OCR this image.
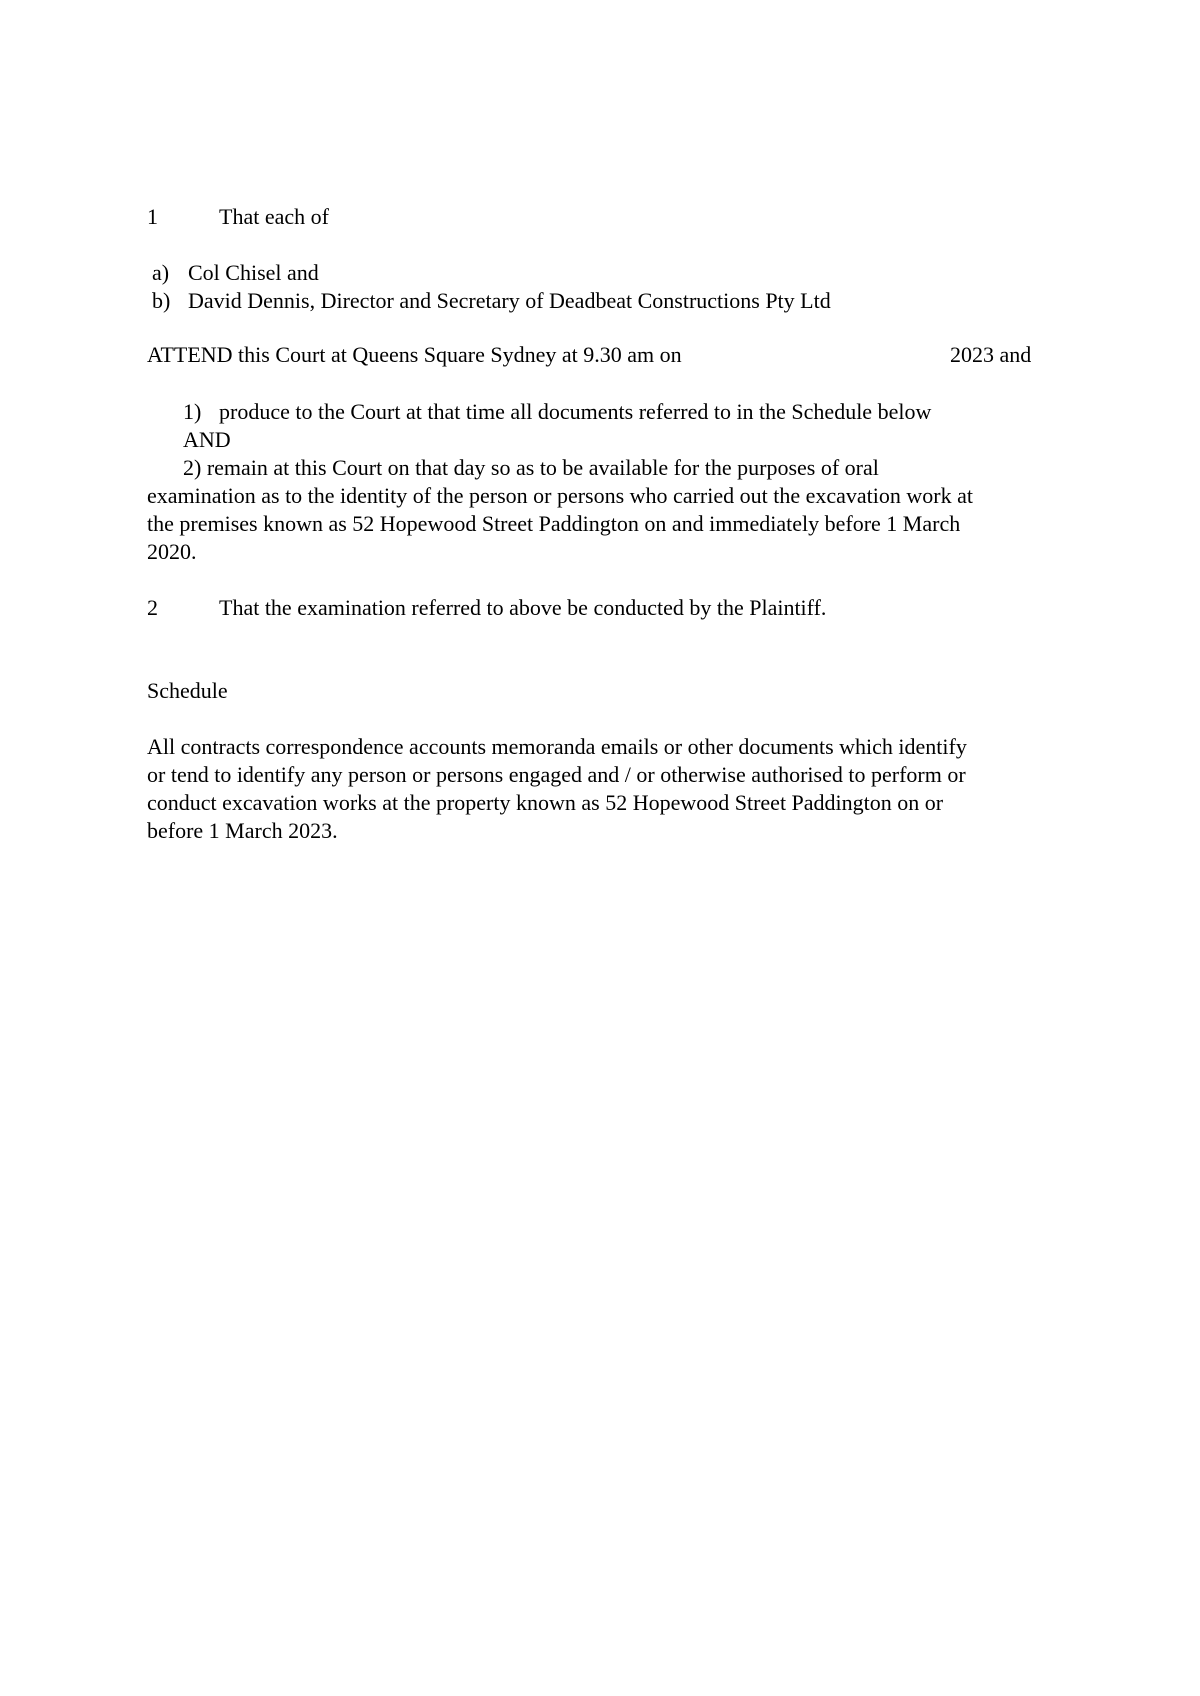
1	That each of
a) Col Chisel and
b) David Dennis, Director and Secretary of Deadbeat Constructions Pty Ltd
ATTEND this Court at Queens Square Sydney at 9.30 am on	2023 and
1) produce to the Court at that time all documents referred to in the Schedule below
AND
2) remain at this Court on that day so as to be available for the purposes of oral
examination as to the identity of the person or persons who carried out the excavation work at
the premises known as 52 Hopewood Street Paddington on and immediately before 1 March
2020.
2	That the examination referred to above be conducted by the Plaintiff.
Schedule
All contracts correspondence accounts memoranda emails or other documents which identify
or tend to identify any person or persons engaged and / or otherwise authorised to perform or
conduct excavation works at the property known as 52 Hopewood Street Paddington on or
before 1 March 2023.
